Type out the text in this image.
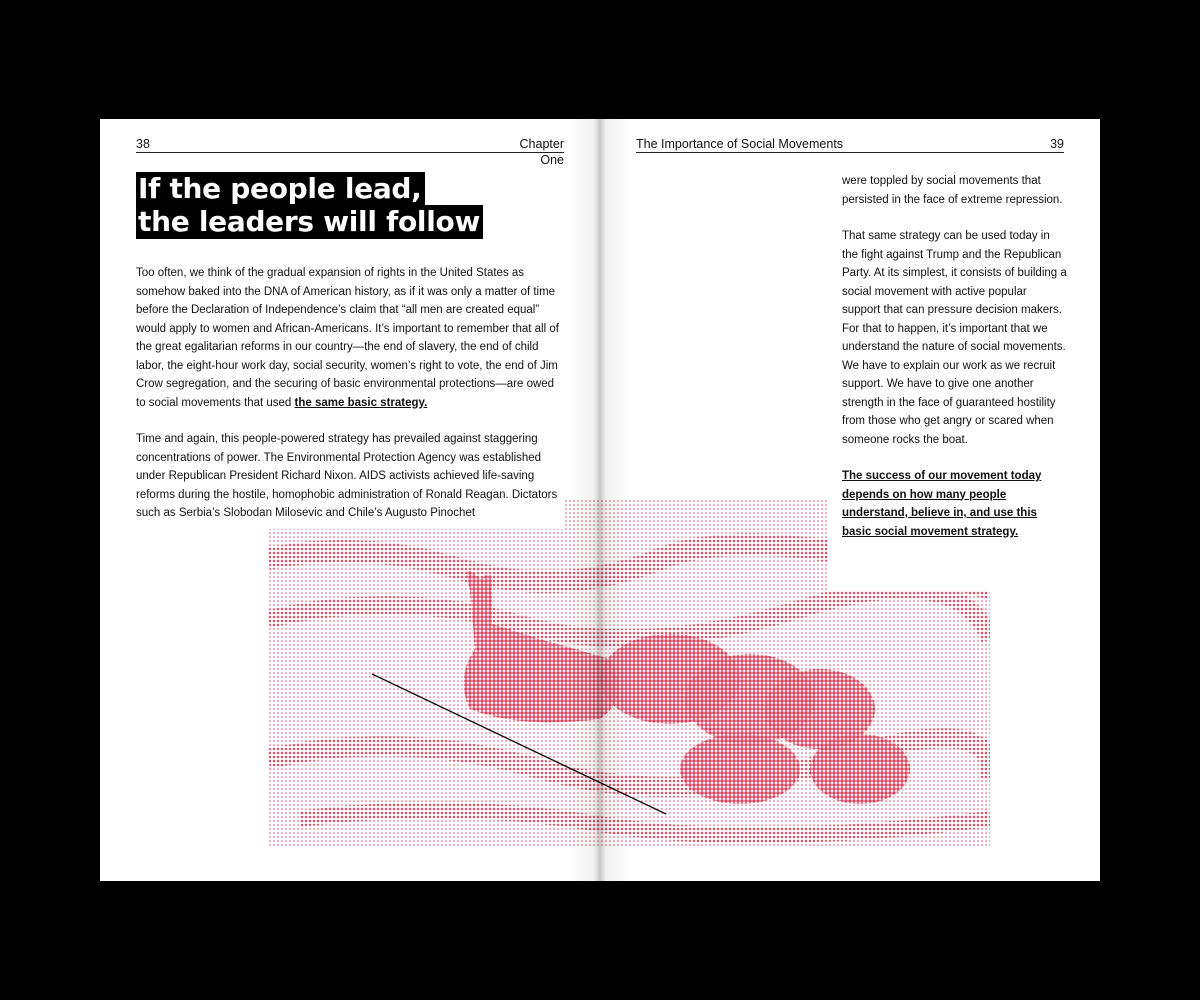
38	Chapter One
The Importance of Social Movements	39
If the people lead,
the leaders will follow

Too often, we think of the gradual expansion of rights in the United States as somehow baked into the DNA of American history, as if it was only a matter of time before the Declaration of Independence’s claim that “all men are created equal” would apply to women and African-Americans. It’s important to remember that all of the great egalitarian reforms in our country—the end of slavery, the end of child labor, the eight-hour work day, social security, women’s right to vote, the end of Jim Crow segregation, and the securing of basic environmental protections—are owed to social movements that used the same basic strategy.

Time and again, this people-powered strategy has prevailed against staggering concentrations of power. The Environmental Protection Agency was established under Republican President Richard Nixon. AIDS activists achieved life-saving reforms during the hostile, homophobic administration of Ronald Reagan. Dictators such as Serbia’s Slobodan Milosevic and Chile’s Augusto Pinochet

were toppled by social movements that persisted in the face of extreme repression.

That same strategy can be used today in the fight against Trump and the Republican Party. At its simplest, it consists of building a social movement with active popular support that can pressure decision makers. For that to happen, it’s important that we understand the nature of social movements. We have to explain our work as we recruit support. We have to give one another strength in the face of guaranteed hostility from those who get angry or scared when someone rocks the boat.

The success of our movement today depends on how many people understand, believe in, and use this basic social movement strategy.
